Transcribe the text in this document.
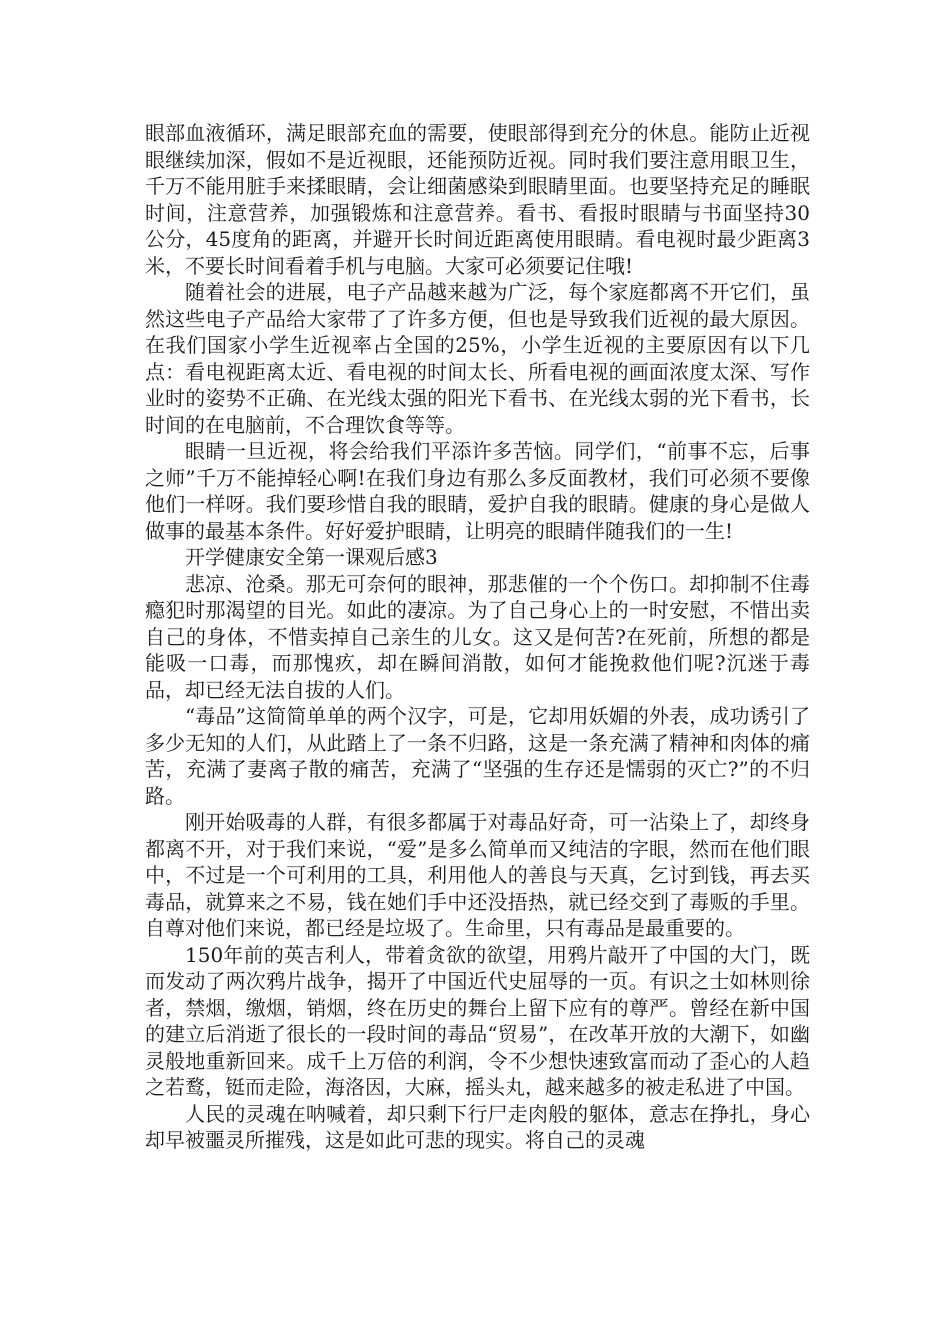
眼部血液循环，满足眼部充血的需要，使眼部得到充分的休息。能防止近视眼继续加深，假如不是近视眼，还能预防近视。同时我们要注意用眼卫生，千万不能用脏手来揉眼睛，会让细菌感染到眼睛里面。也要坚持充足的睡眠时间，注意营养，加强锻炼和注意营养。看书、看报时眼睛与书面坚持30公分，45度角的距离，并避开长时间近距离使用眼睛。看电视时最少距离3米，不要长时间看着手机与电脑。大家可必须要记住哦!

随着社会的进展，电子产品越来越为广泛，每个家庭都离不开它们，虽然这些电子产品给大家带了了许多方便，但也是导致我们近视的最大原因。在我们国家小学生近视率占全国的25%，小学生近视的主要原因有以下几点：看电视距离太近、看电视的时间太长、所看电视的画面浓度太深、写作业时的姿势不正确、在光线太强的阳光下看书、在光线太弱的光下看书，长时间的在电脑前，不合理饮食等等。

眼睛一旦近视，将会给我们平添许多苦恼。同学们，“前事不忘，后事之师”千万不能掉轻心啊!在我们身边有那么多反面教材，我们可必须不要像他们一样呀。我们要珍惜自我的眼睛，爱护自我的眼睛。健康的身心是做人做事的最基本条件。好好爱护眼睛，让明亮的眼睛伴随我们的一生!

开学健康安全第一课观后感3

悲凉、沧桑。那无可奈何的眼神，那悲催的一个个伤口。却抑制不住毒瘾犯时那渴望的目光。如此的凄凉。为了自己身心上的一时安慰，不惜出卖自己的身体，不惜卖掉自己亲生的儿女。这又是何苦?在死前，所想的都是能吸一口毒，而那愧疚，却在瞬间消散，如何才能挽救他们呢?沉迷于毒品，却已经无法自拔的人们。

“毒品”这简简单单的两个汉字，可是，它却用妖媚的外表，成功诱引了多少无知的人们，从此踏上了一条不归路，这是一条充满了精神和肉体的痛苦，充满了妻离子散的痛苦，充满了“坚强的生存还是懦弱的灭亡?”的不归路。

刚开始吸毒的人群，有很多都属于对毒品好奇，可一沾染上了，却终身都离不开，对于我们来说，“爱”是多么简单而又纯洁的字眼，然而在他们眼中，不过是一个可利用的工具，利用他人的善良与天真，乞讨到钱，再去买毒品，就算来之不易，钱在她们手中还没捂热，就已经交到了毒贩的手里。自尊对他们来说，都已经是垃圾了。生命里，只有毒品是最重要的。

150年前的英吉利人，带着贪欲的欲望，用鸦片敲开了中国的大门，既而发动了两次鸦片战争，揭开了中国近代史屈辱的一页。有识之士如林则徐者，禁烟，缴烟，销烟，终在历史的舞台上留下应有的尊严。曾经在新中国的建立后消逝了很长的一段时间的毒品“贸易”，在改革开放的大潮下，如幽灵般地重新回来。成千上万倍的利润，令不少想快速致富而动了歪心的人趋之若鹜，铤而走险，海洛因，大麻，摇头丸，越来越多的被走私进了中国。

人民的灵魂在呐喊着，却只剩下行尸走肉般的躯体，意志在挣扎，身心却早被噩灵所摧残，这是如此可悲的现实。将自己的灵魂
